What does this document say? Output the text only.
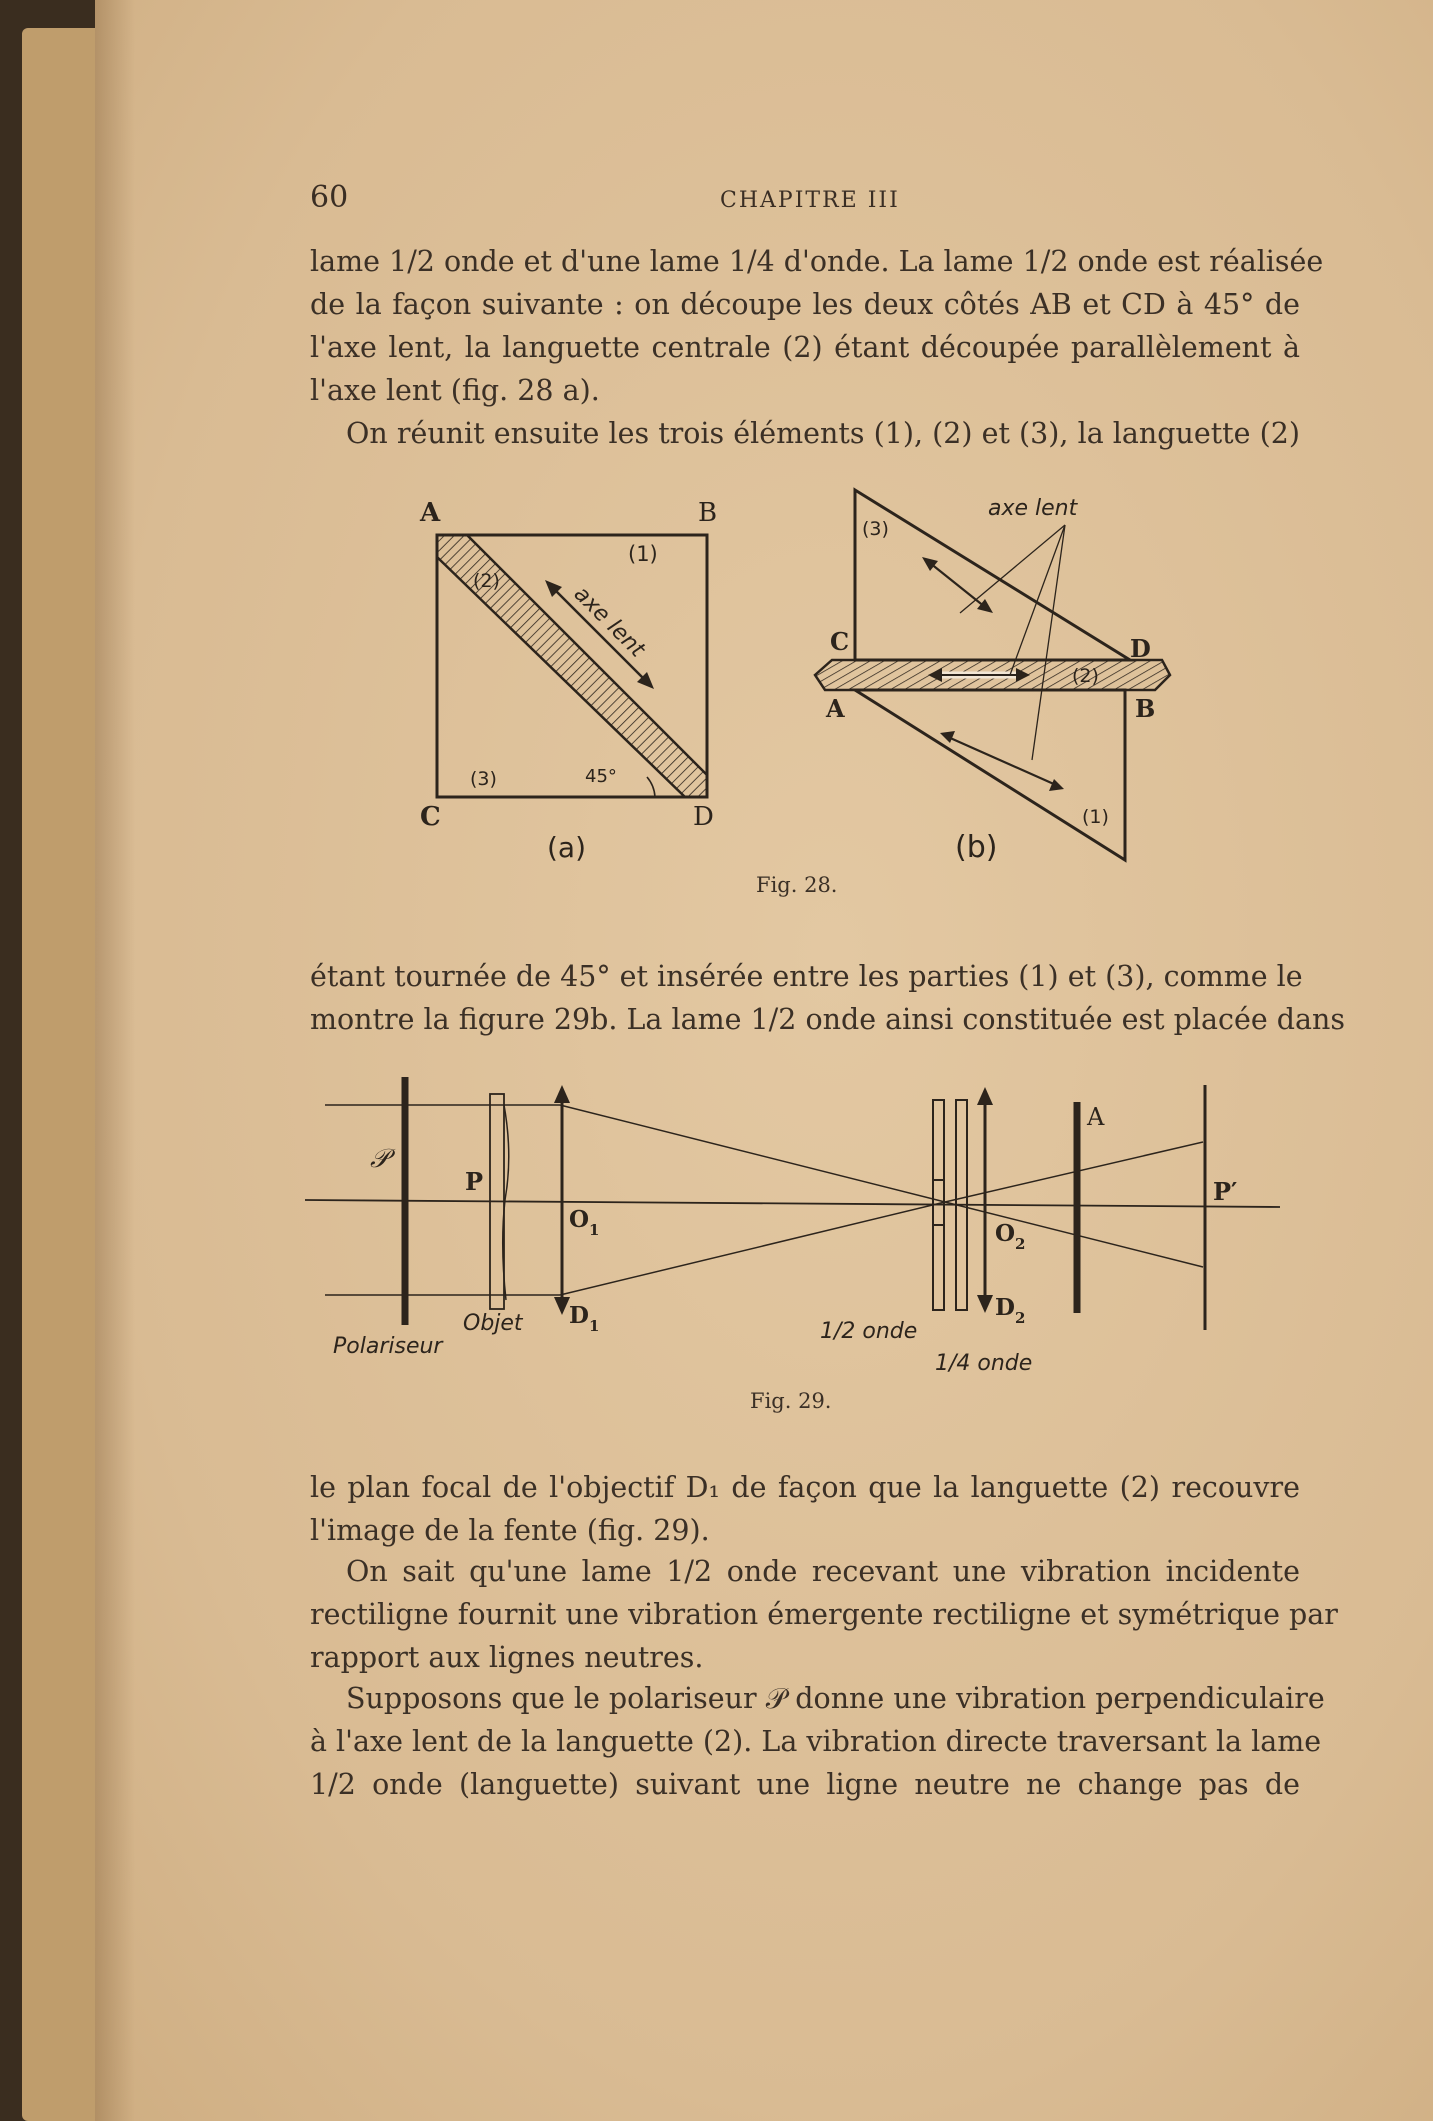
60	CHAPITRE III
lame 1/2 onde et d'une lame 1/4 d'onde. La lame 1/2 onde est réalisée
de la façon suivante : on découpe les deux côtés AB et CD à 45° de
l'axe lent, la languette centrale (2) étant découpée parallèlement à
l'axe lent (fig. 28 a).
On réunit ensuite les trois éléments (1), (2) et (3), la languette (2)
A	B
C	D
(1)
(2)
(3)	45°
axe lent
(a)
axe lent
(3)
(2)
(1)
C
A
D
B
(b)
Fig. 28.
étant tournée de 45° et insérée entre les parties (1) et (3), comme le
montre la figure 29b. La lame 1/2 onde ainsi constituée est placée dans
𝒫
P
$O_1$
$D_1$
$O_2$
$D_2$
A
P′
Objet
Polariseur
1/2 onde
1/4 onde
Fig. 29.
le plan focal de l'objectif D₁ de façon que la languette (2) recouvre
l'image de la fente (fig. 29).
On sait qu'une lame 1/2 onde recevant une vibration incidente
rectiligne fournit une vibration émergente rectiligne et symétrique par
rapport aux lignes neutres.
Supposons que le polariseur 𝒫 donne une vibration perpendiculaire
à l'axe lent de la languette (2). La vibration directe traversant la lame
1/2 onde (languette) suivant une ligne neutre ne change pas de
